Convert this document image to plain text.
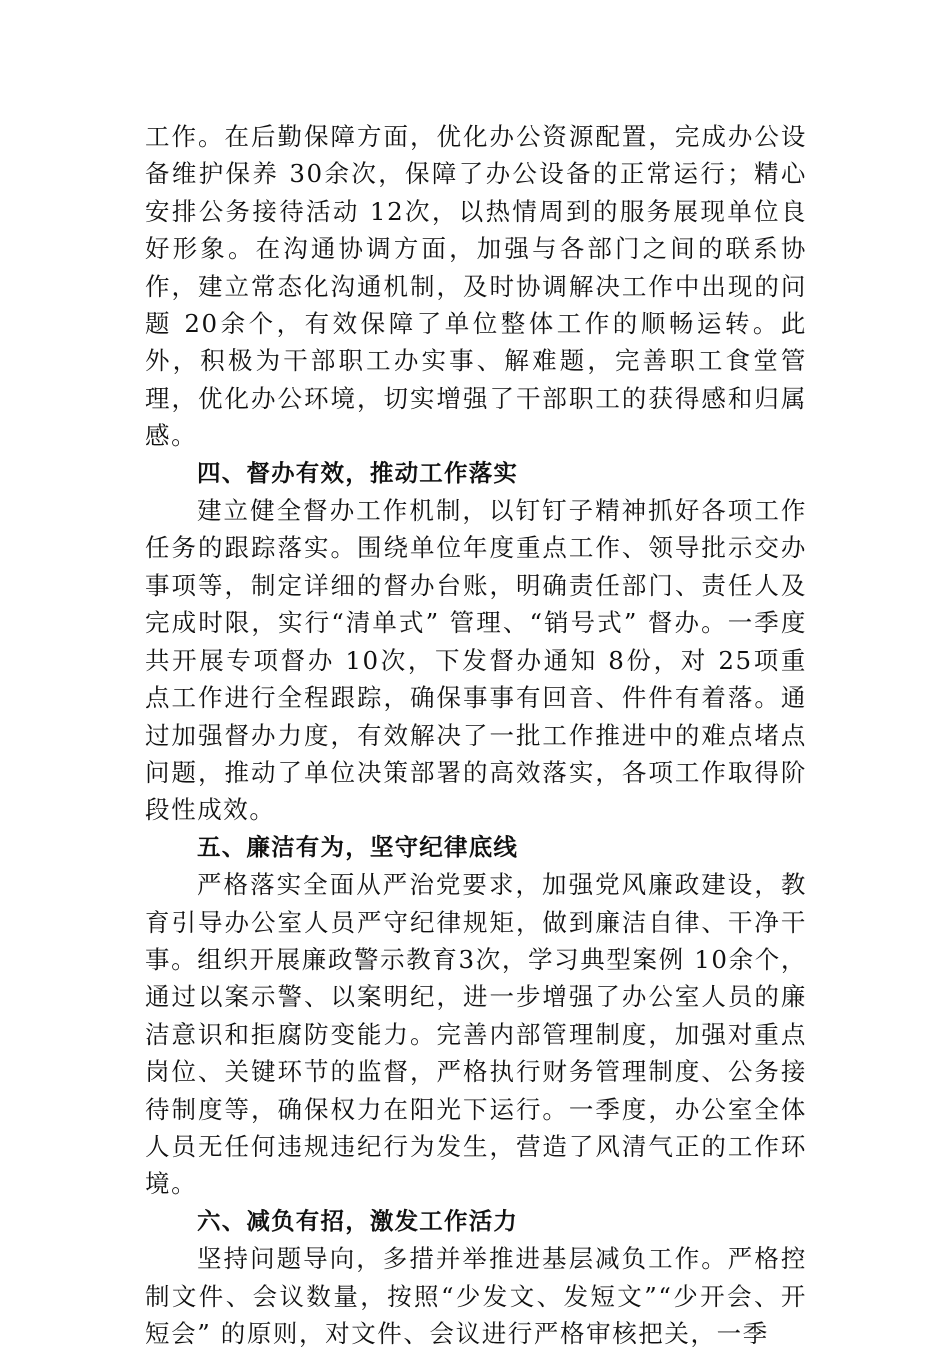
工作。在后勤保障方面，优化办公资源配置，完成办公设备维护保养 30余次，保障了办公设备的正常运行；精心安排公务接待活动 12次，以热情周到的服务展现单位良好形象。在沟通协调方面，加强与各部门之间的联系协作，建立常态化沟通机制，及时协调解决工作中出现的问题 20余个，有效保障了单位整体工作的顺畅运转。此外，积极为干部职工办实事、解难题，完善职工食堂管理，优化办公环境，切实增强了干部职工的获得感和归属感。

四、督办有效，推动工作落实

建立健全督办工作机制，以钉钉子精神抓好各项工作任务的跟踪落实。围绕单位年度重点工作、领导批示交办事项等，制定详细的督办台账，明确责任部门、责任人及完成时限，实行“清单式” 管理、“销号式” 督办。一季度共开展专项督办 10次，下发督办通知 8份，对 25项重点工作进行全程跟踪，确保事事有回音、件件有着落。通过加强督办力度，有效解决了一批工作推进中的难点堵点问题，推动了单位决策部署的高效落实，各项工作取得阶段性成效。

五、廉洁有为，坚守纪律底线

严格落实全面从严治党要求，加强党风廉政建设，教育引导办公室人员严守纪律规矩，做到廉洁自律、干净干事。组织开展廉政警示教育3次，学习典型案例 10余个，通过以案示警、以案明纪，进一步增强了办公室人员的廉洁意识和拒腐防变能力。完善内部管理制度，加强对重点岗位、关键环节的监督，严格执行财务管理制度、公务接待制度等，确保权力在阳光下运行。一季度，办公室全体人员无任何违规违纪行为发生，营造了风清气正的工作环境。

六、减负有招，激发工作活力

坚持问题导向，多措并举推进基层减负工作。严格控制文件、会议数量，按照“少发文、发短文”“少开会、开短会” 的原则，对文件、会议进行严格审核把关，一季
